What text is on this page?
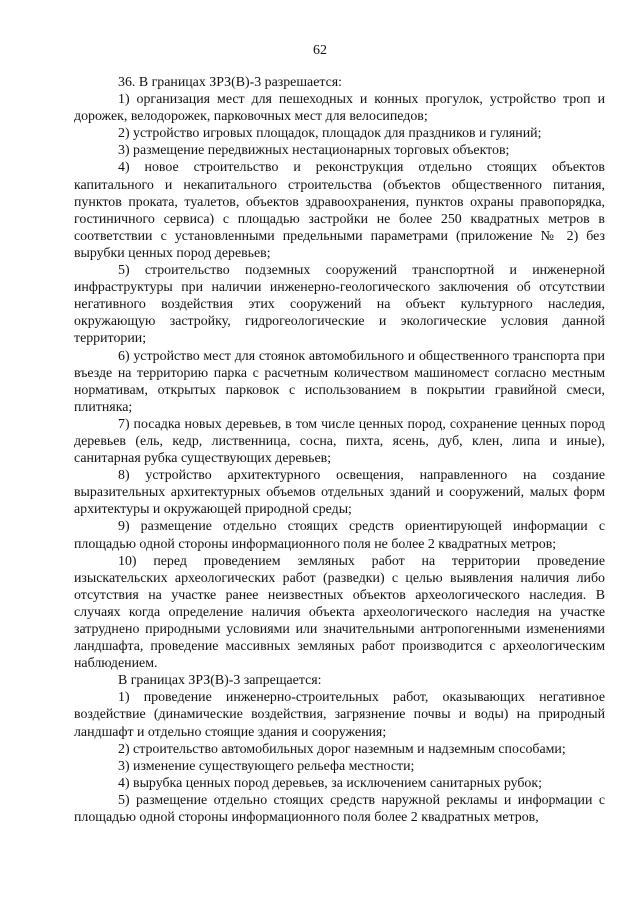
62

36. В границах ЗРЗ(В)-3 разрешается:

1) организация мест для пешеходных и конных прогулок, устройство троп и дорожек, велодорожек, парковочных мест для велосипедов;

2) устройство игровых площадок, площадок для праздников и гуляний;

3) размещение передвижных нестационарных торговых объектов;

4) новое строительство и реконструкция отдельно стоящих объектов капитального и некапитального строительства (объектов общественного питания, пунктов проката, туалетов, объектов здравоохранения, пунктов охраны правопорядка, гостиничного сервиса) с площадью застройки не более 250 квадратных метров в соответствии с установленными предельными параметрами (приложение № 2) без вырубки ценных пород деревьев;

5) строительство подземных сооружений транспортной и инженерной инфраструктуры при наличии инженерно-геологического заключения об отсутствии негативного воздействия этих сооружений на объект культурного наследия, окружающую застройку, гидрогеологические и экологические условия данной территории;

6) устройство мест для стоянок автомобильного и общественного транспорта при въезде на территорию парка с расчетным количеством машиномест согласно местным нормативам, открытых парковок с использованием в покрытии гравийной смеси, плитняка;

7) посадка новых деревьев, в том числе ценных пород, сохранение ценных пород деревьев (ель, кедр, лиственница, сосна, пихта, ясень, дуб, клен, липа и иные), санитарная рубка существующих деревьев;

8) устройство архитектурного освещения, направленного на создание выразительных архитектурных объемов отдельных зданий и сооружений, малых форм архитектуры и окружающей природной среды;

9) размещение отдельно стоящих средств ориентирующей информации с площадью одной стороны информационного поля не более 2 квадратных метров;

10) перед проведением земляных работ на территории проведение изыскательских археологических работ (разведки) с целью выявления наличия либо отсутствия на участке ранее неизвестных объектов археологического наследия. В случаях когда определение наличия объекта археологического наследия на участке затруднено природными условиями или значительными антропогенными изменениями ландшафта, проведение массивных земляных работ производится с археологическим наблюдением.

В границах ЗРЗ(В)-3 запрещается:

1) проведение инженерно-строительных работ, оказывающих негативное воздействие (динамические воздействия, загрязнение почвы и воды) на природный ландшафт и отдельно стоящие здания и сооружения;

2) строительство автомобильных дорог наземным и надземным способами;

3) изменение существующего рельефа местности;

4) вырубка ценных пород деревьев, за исключением санитарных рубок;

5) размещение отдельно стоящих средств наружной рекламы и информации с площадью одной стороны информационного поля более 2 квадратных метров,
